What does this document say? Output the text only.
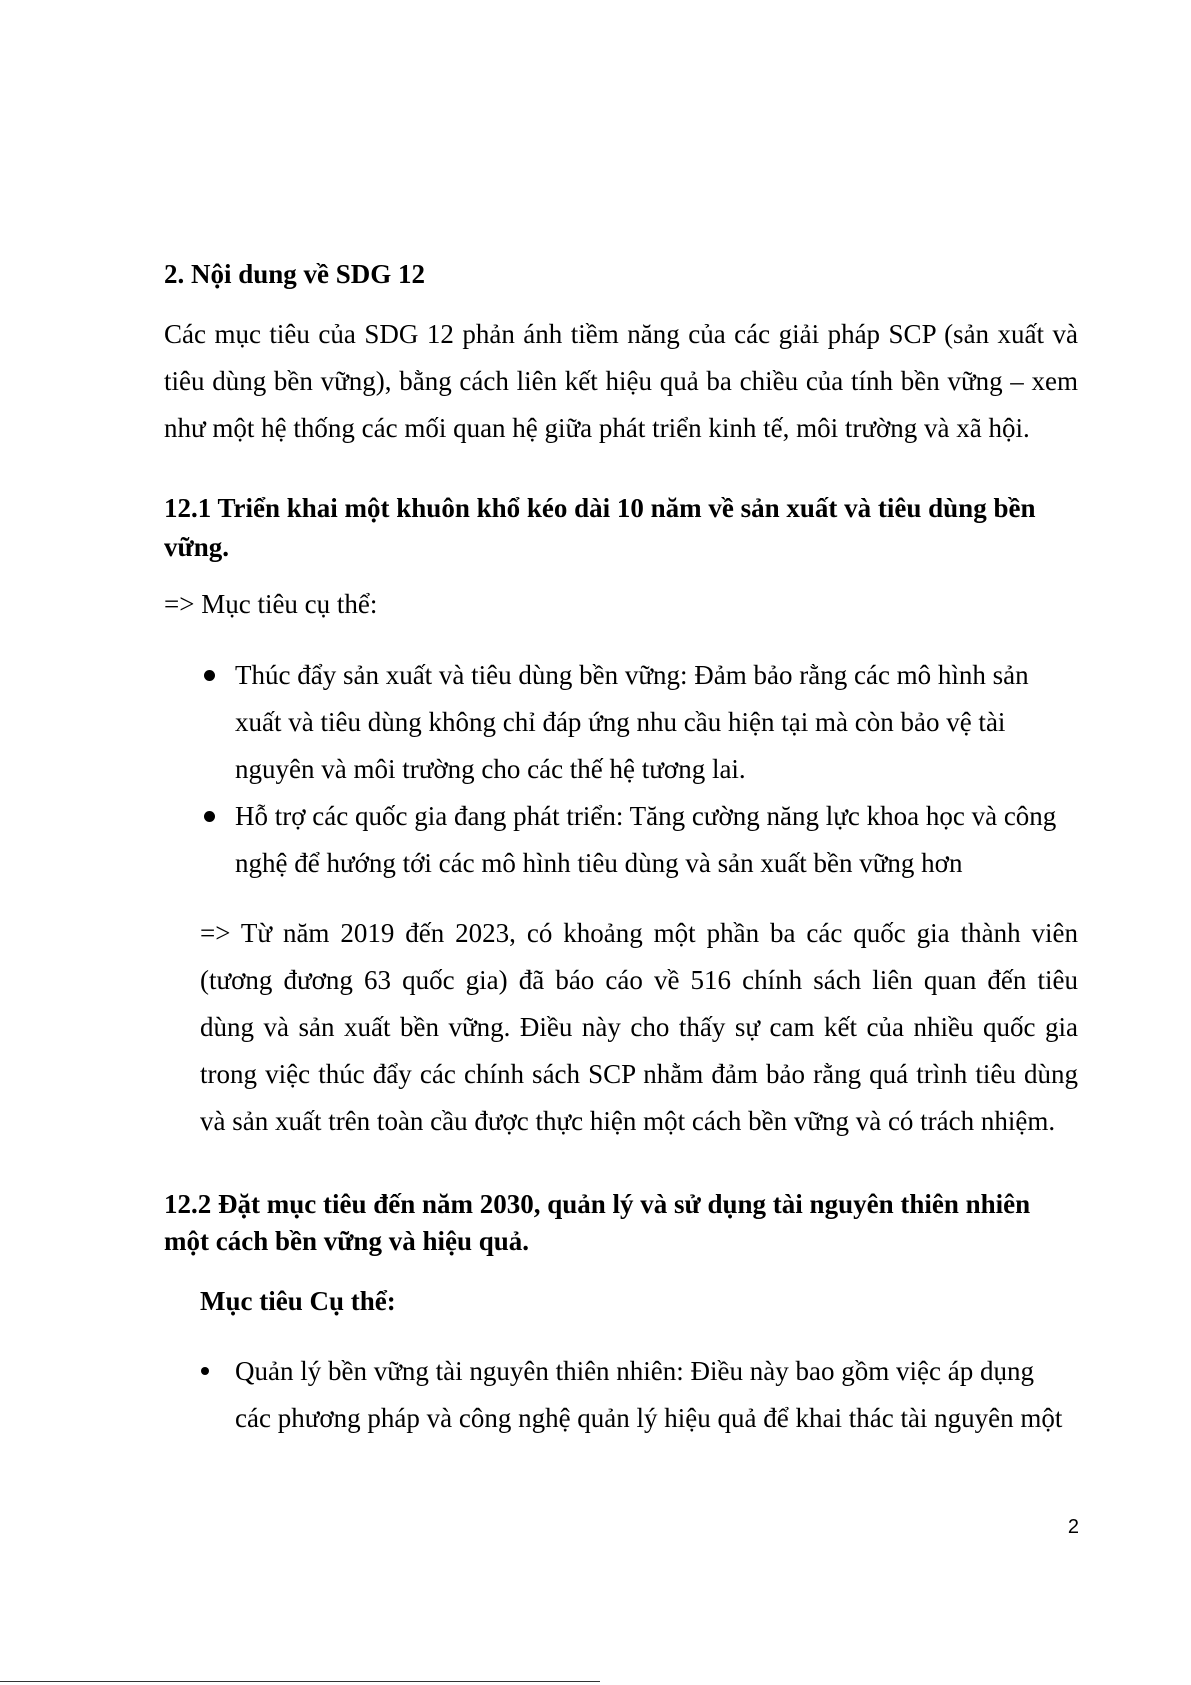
2. Nội dung về SDG 12
Các mục tiêu của SDG 12 phản ánh tiềm năng của các giải pháp SCP (sản xuất và
tiêu dùng bền vững), bằng cách liên kết hiệu quả ba chiều của tính bền vững – xem
như một hệ thống các mối quan hệ giữa phát triển kinh tế, môi trường và xã hội.
12.1 Triển khai một khuôn khổ kéo dài 10 năm về sản xuất và tiêu dùng bền
vững.
=> Mục tiêu cụ thể:
Thúc đẩy sản xuất và tiêu dùng bền vững: Đảm bảo rằng các mô hình sản
xuất và tiêu dùng không chỉ đáp ứng nhu cầu hiện tại mà còn bảo vệ tài
nguyên và môi trường cho các thế hệ tương lai.
Hỗ trợ các quốc gia đang phát triển: Tăng cường năng lực khoa học và công
nghệ để hướng tới các mô hình tiêu dùng và sản xuất bền vững hơn
=> Từ năm 2019 đến 2023, có khoảng một phần ba các quốc gia thành viên
(tương đương 63 quốc gia) đã báo cáo về 516 chính sách liên quan đến tiêu
dùng và sản xuất bền vững. Điều này cho thấy sự cam kết của nhiều quốc gia
trong việc thúc đẩy các chính sách SCP nhằm đảm bảo rằng quá trình tiêu dùng
và sản xuất trên toàn cầu được thực hiện một cách bền vững và có trách nhiệm.
12.2 Đặt mục tiêu đến năm 2030, quản lý và sử dụng tài nguyên thiên nhiên
một cách bền vững và hiệu quả.
Mục tiêu Cụ thể:
Quản lý bền vững tài nguyên thiên nhiên: Điều này bao gồm việc áp dụng
các phương pháp và công nghệ quản lý hiệu quả để khai thác tài nguyên một
2
